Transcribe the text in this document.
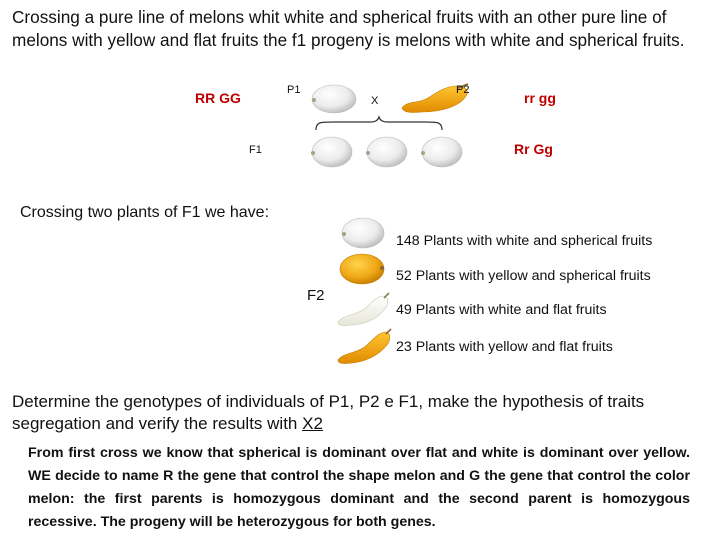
Crossing a pure line of melons whit white and spherical fruits with an other pure line of melons with yellow and flat fruits the f1 progeny is melons with white and spherical fruits.
RR GG	P1
X
P2	rr gg
F1	Rr Gg
Crossing two plants of F1 we have:
148 Plants with white and spherical fruits
52 Plants with yellow and spherical fruits
F2
49 Plants with white and flat fruits
23 Plants with yellow and flat fruits
Determine the genotypes of individuals of P1, P2 e F1, make the hypothesis of traits segregation and verify the results with X2
From first cross we know that spherical is dominant over flat and white is dominant over yellow. WE decide to name R the gene that control the shape melon and G the gene that control the color melon: the first parents is homozygous dominant and the second parent is homozygous recessive. The progeny will be heterozygous for both genes.
